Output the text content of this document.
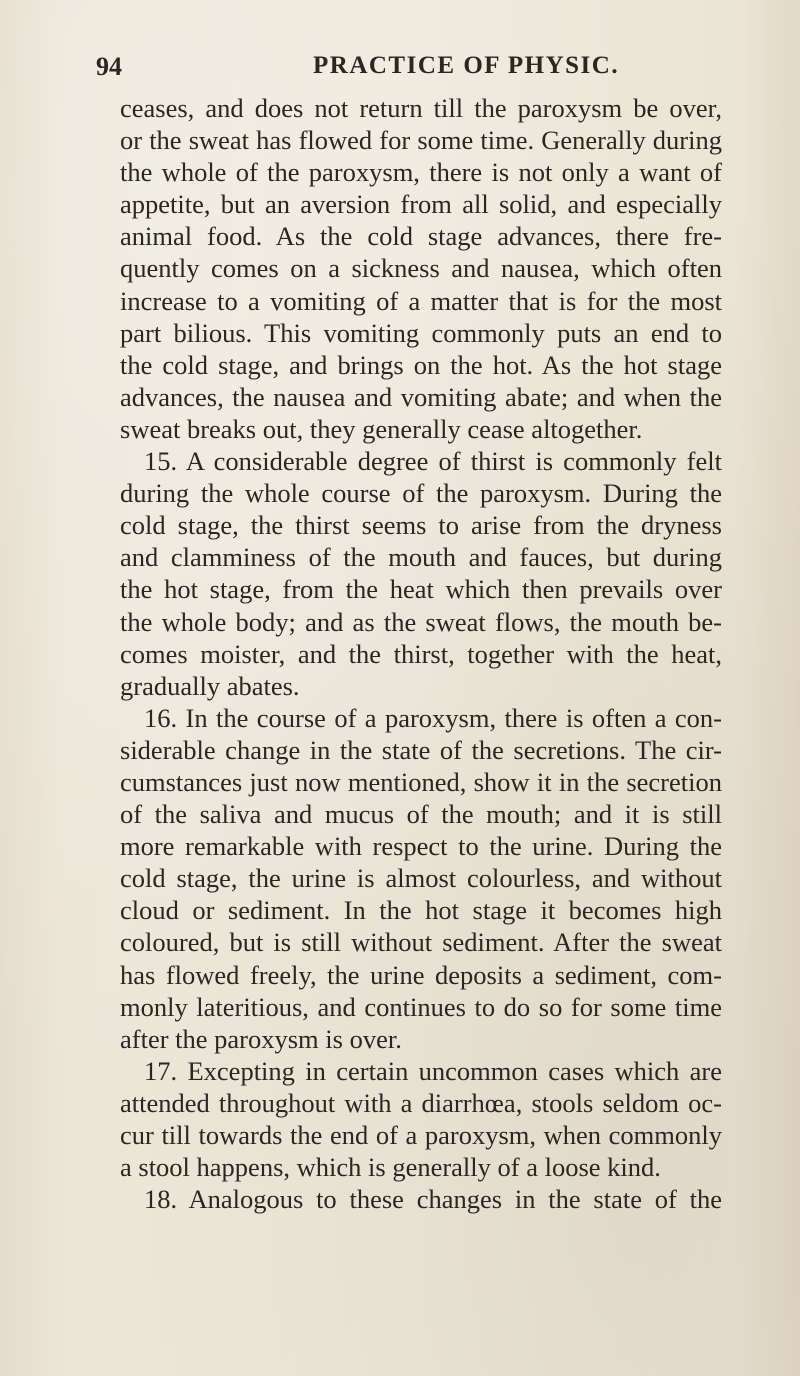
94	PRACTICE OF PHYSIC.
ceases, and does not return till the paroxysm be over,
or the sweat has flowed for some time. Generally during
the whole of the paroxysm, there is not only a want of
appetite, but an aversion from all solid, and especially
animal food. As the cold stage advances, there fre-
quently comes on a sickness and nausea, which often
increase to a vomiting of a matter that is for the most
part bilious. This vomiting commonly puts an end to
the cold stage, and brings on the hot. As the hot stage
advances, the nausea and vomiting abate; and when the
sweat breaks out, they generally cease altogether.
15. A considerable degree of thirst is commonly felt
during the whole course of the paroxysm. During the
cold stage, the thirst seems to arise from the dryness
and clamminess of the mouth and fauces, but during
the hot stage, from the heat which then prevails over
the whole body; and as the sweat flows, the mouth be-
comes moister, and the thirst, together with the heat,
gradually abates.
16. In the course of a paroxysm, there is often a con-
siderable change in the state of the secretions. The cir-
cumstances just now mentioned, show it in the secretion
of the saliva and mucus of the mouth; and it is still
more remarkable with respect to the urine. During the
cold stage, the urine is almost colourless, and without
cloud or sediment. In the hot stage it becomes high
coloured, but is still without sediment. After the sweat
has flowed freely, the urine deposits a sediment, com-
monly lateritious, and continues to do so for some time
after the paroxysm is over.
17. Excepting in certain uncommon cases which are
attended throughout with a diarrhœa, stools seldom oc-
cur till towards the end of a paroxysm, when commonly
a stool happens, which is generally of a loose kind.
18. Analogous to these changes in the state of the
